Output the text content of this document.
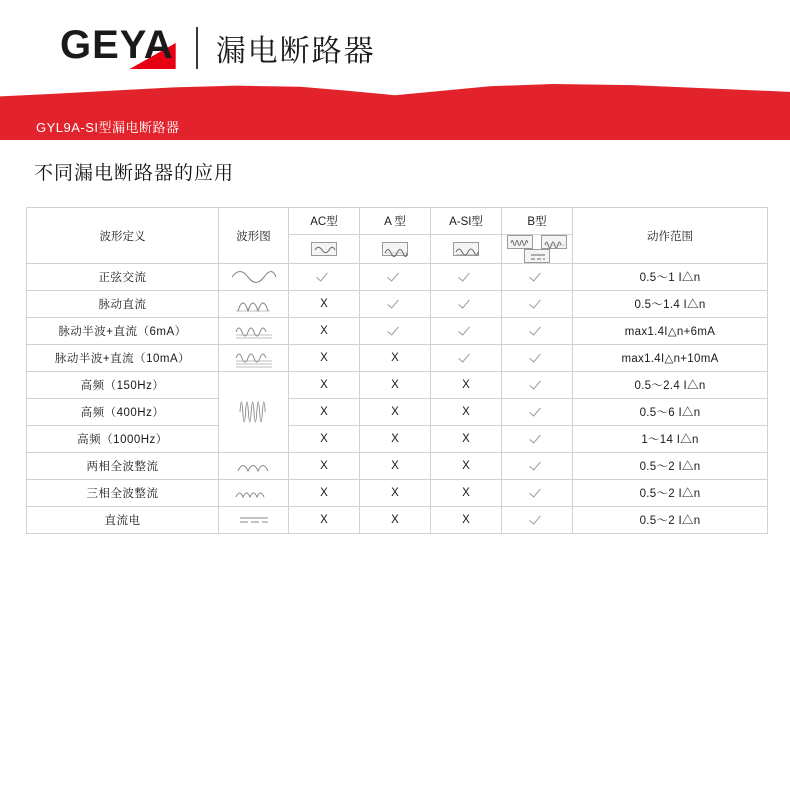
GEYA 漏电断路器
GYL9A-SI型漏电断路器
不同漏电断路器的应用
波形定义	波形图	AC型	A 型	A-SI型	B型	动作范围

正弦交流						0.5～1 I△n
脉动直流		X				0.5～1.4 I△n
脉动半波+直流（6mA）		X				max1.4I△n+6mA
脉动半波+直流（10mA）		X	X			max1.4I△n+10mA
高频（150Hz）		X	X	X		0.5～2.4 I△n
高频（400Hz）		X	X	X		0.5～6 I△n
高频（1000Hz）		X	X	X		1～14 I△n
两相全波整流		X	X	X		0.5～2 I△n
三相全波整流		X	X	X		0.5～2 I△n
直流电		X	X	X		0.5～2 I△n
